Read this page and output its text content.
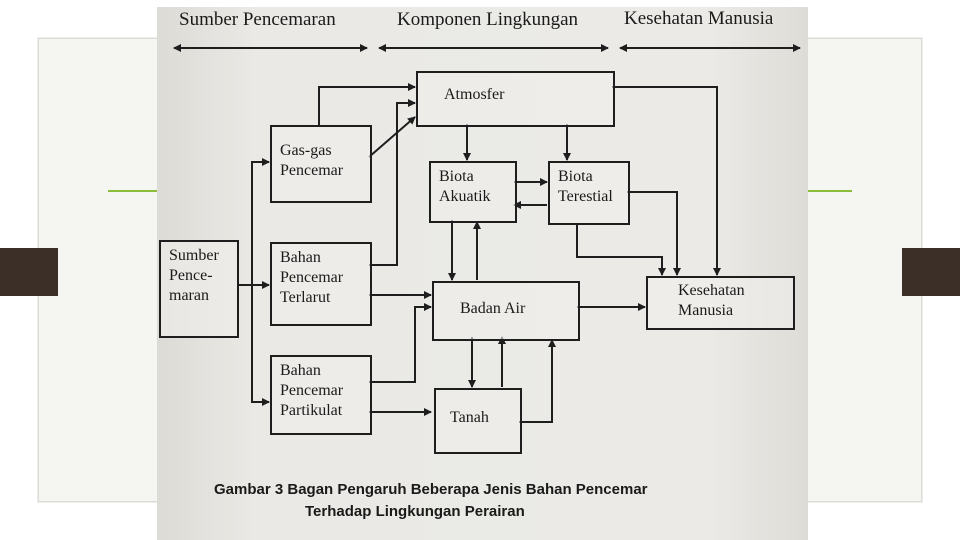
Sumber Pencemaran	Komponen Lingkungan Kesehatan Manusia
Sumber
Pence-
maran
Gas-gas
Pencemar
Bahan
Pencemar
Terlarut
Bahan
Pencemar
Partikulat
Atmosfer
Biota
Akuatik
Biota
Terestial
Badan Air
Tanah
Kesehatan
Manusia
Gambar 3 Bagan Pengaruh Beberapa Jenis Bahan Pencemar
Terhadap Lingkungan Perairan
